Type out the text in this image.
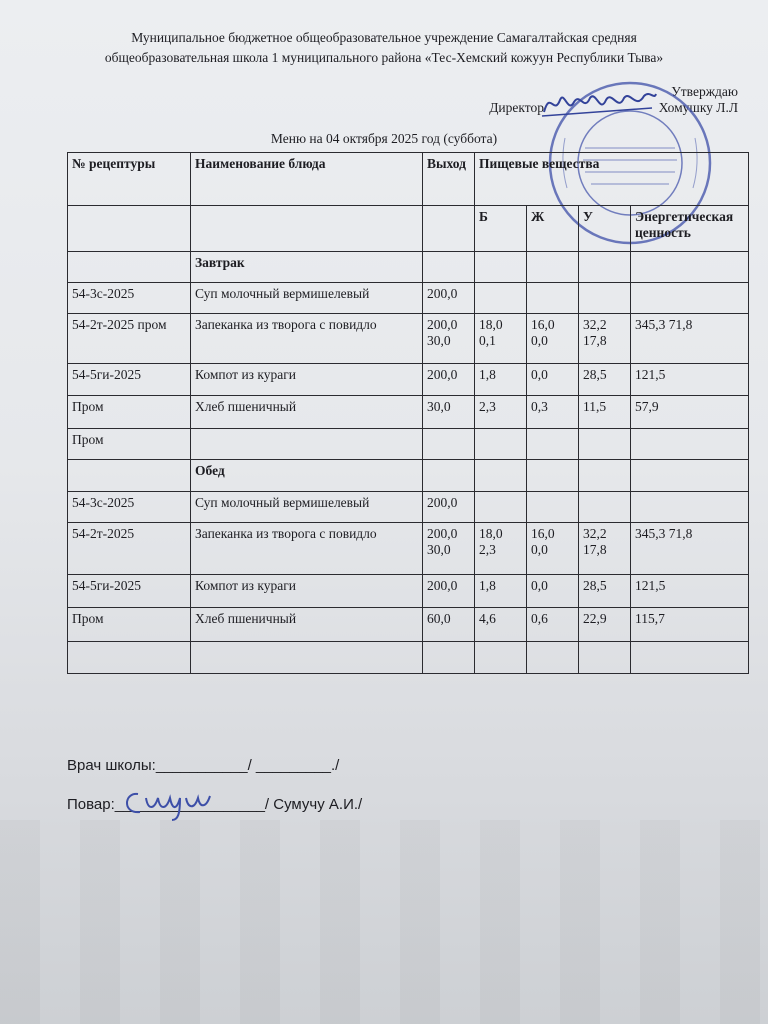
Муниципальное бюджетное общеобразовательное учреждение Самагалтайская средняя
общеобразовательная школа 1 муниципального района «Тес-Хемский кожуун Республики Тыва»
Утверждаю
Директор	Хомушку Л.Л
Меню на 04 октября 2025 год (суббота)
№ рецептуры	Наименование блюда	Выход	Пищевые вещества			
			Б	Ж	У	Энергетическая ценность
	Завтрак					
54-3с-2025	Суп молочный вермишелевый	200,0				
54-2т-2025 пром	Запеканка из творога с повидло	200,0 30,0	18,0 0,1	16,0 0,0	32,2 17,8	345,3 71,8
54-5ги-2025	Компот из кураги	200,0	1,8	0,0	28,5	121,5
Пром	Хлеб пшеничный	30,0	2,3	0,3	11,5	57,9
Пром						
	Обед					
54-3с-2025	Суп молочный вермишелевый	200,0				
54-2т-2025	Запеканка из творога с повидло	200,0 30,0	18,0 2,3	16,0 0,0	32,2 17,8	345,3 71,8
54-5ги-2025	Компот из кураги	200,0	1,8	0,0	28,5	121,5
Пром	Хлеб пшеничный	60,0	4,6	0,6	22,9	115,7

Врач школы:___________/ _________./
Повар:__________________/ Сумучу А.И./
